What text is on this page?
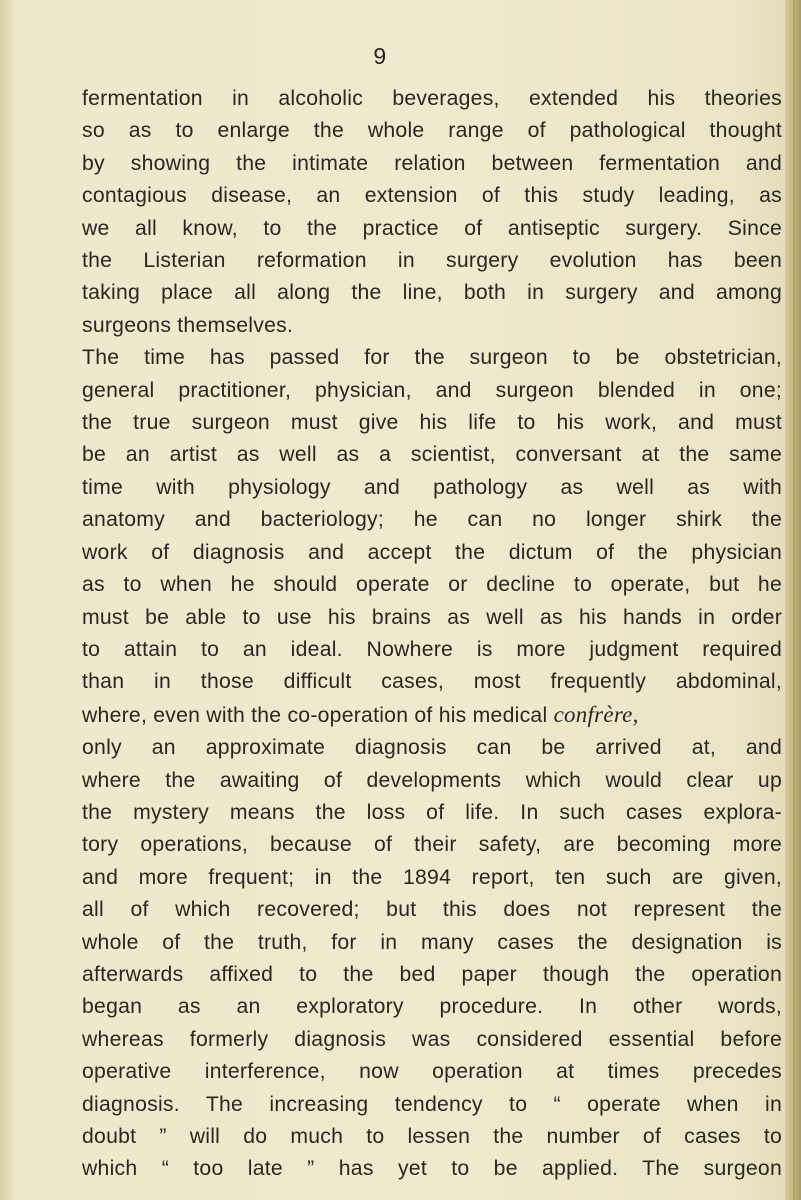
9
fermentation in alcoholic beverages, extended his theories
so as to enlarge the whole range of pathological thought
by showing the intimate relation between fermentation and
contagious disease, an extension of this study leading, as
we all know, to the practice of antiseptic surgery. Since
the Listerian reformation in surgery evolution has been
taking place all along the line, both in surgery and among
surgeons themselves.
The time has passed for the surgeon to be obstetrician,
general practitioner, physician, and surgeon blended in one;
the true surgeon must give his life to his work, and must
be an artist as well as a scientist, conversant at the same
time with physiology and pathology as well as with
anatomy and bacteriology; he can no longer shirk the
work of diagnosis and accept the dictum of the physician
as to when he should operate or decline to operate, but he
must be able to use his brains as well as his hands in order
to attain to an ideal. Nowhere is more judgment required
than in those difficult cases, most frequently abdominal,
where, even with the co-operation of his medical confrère,
only an approximate diagnosis can be arrived at, and
where the awaiting of developments which would clear up
the mystery means the loss of life. In such cases explora-
tory operations, because of their safety, are becoming more
and more frequent; in the 1894 report, ten such are given,
all of which recovered; but this does not represent the
whole of the truth, for in many cases the designation is
afterwards affixed to the bed paper though the operation
began as an exploratory procedure. In other words,
whereas formerly diagnosis was considered essential before
operative interference, now operation at times precedes
diagnosis. The increasing tendency to “ operate when in
doubt ” will do much to lessen the number of cases to
which “ too late ” has yet to be applied. The surgeon
